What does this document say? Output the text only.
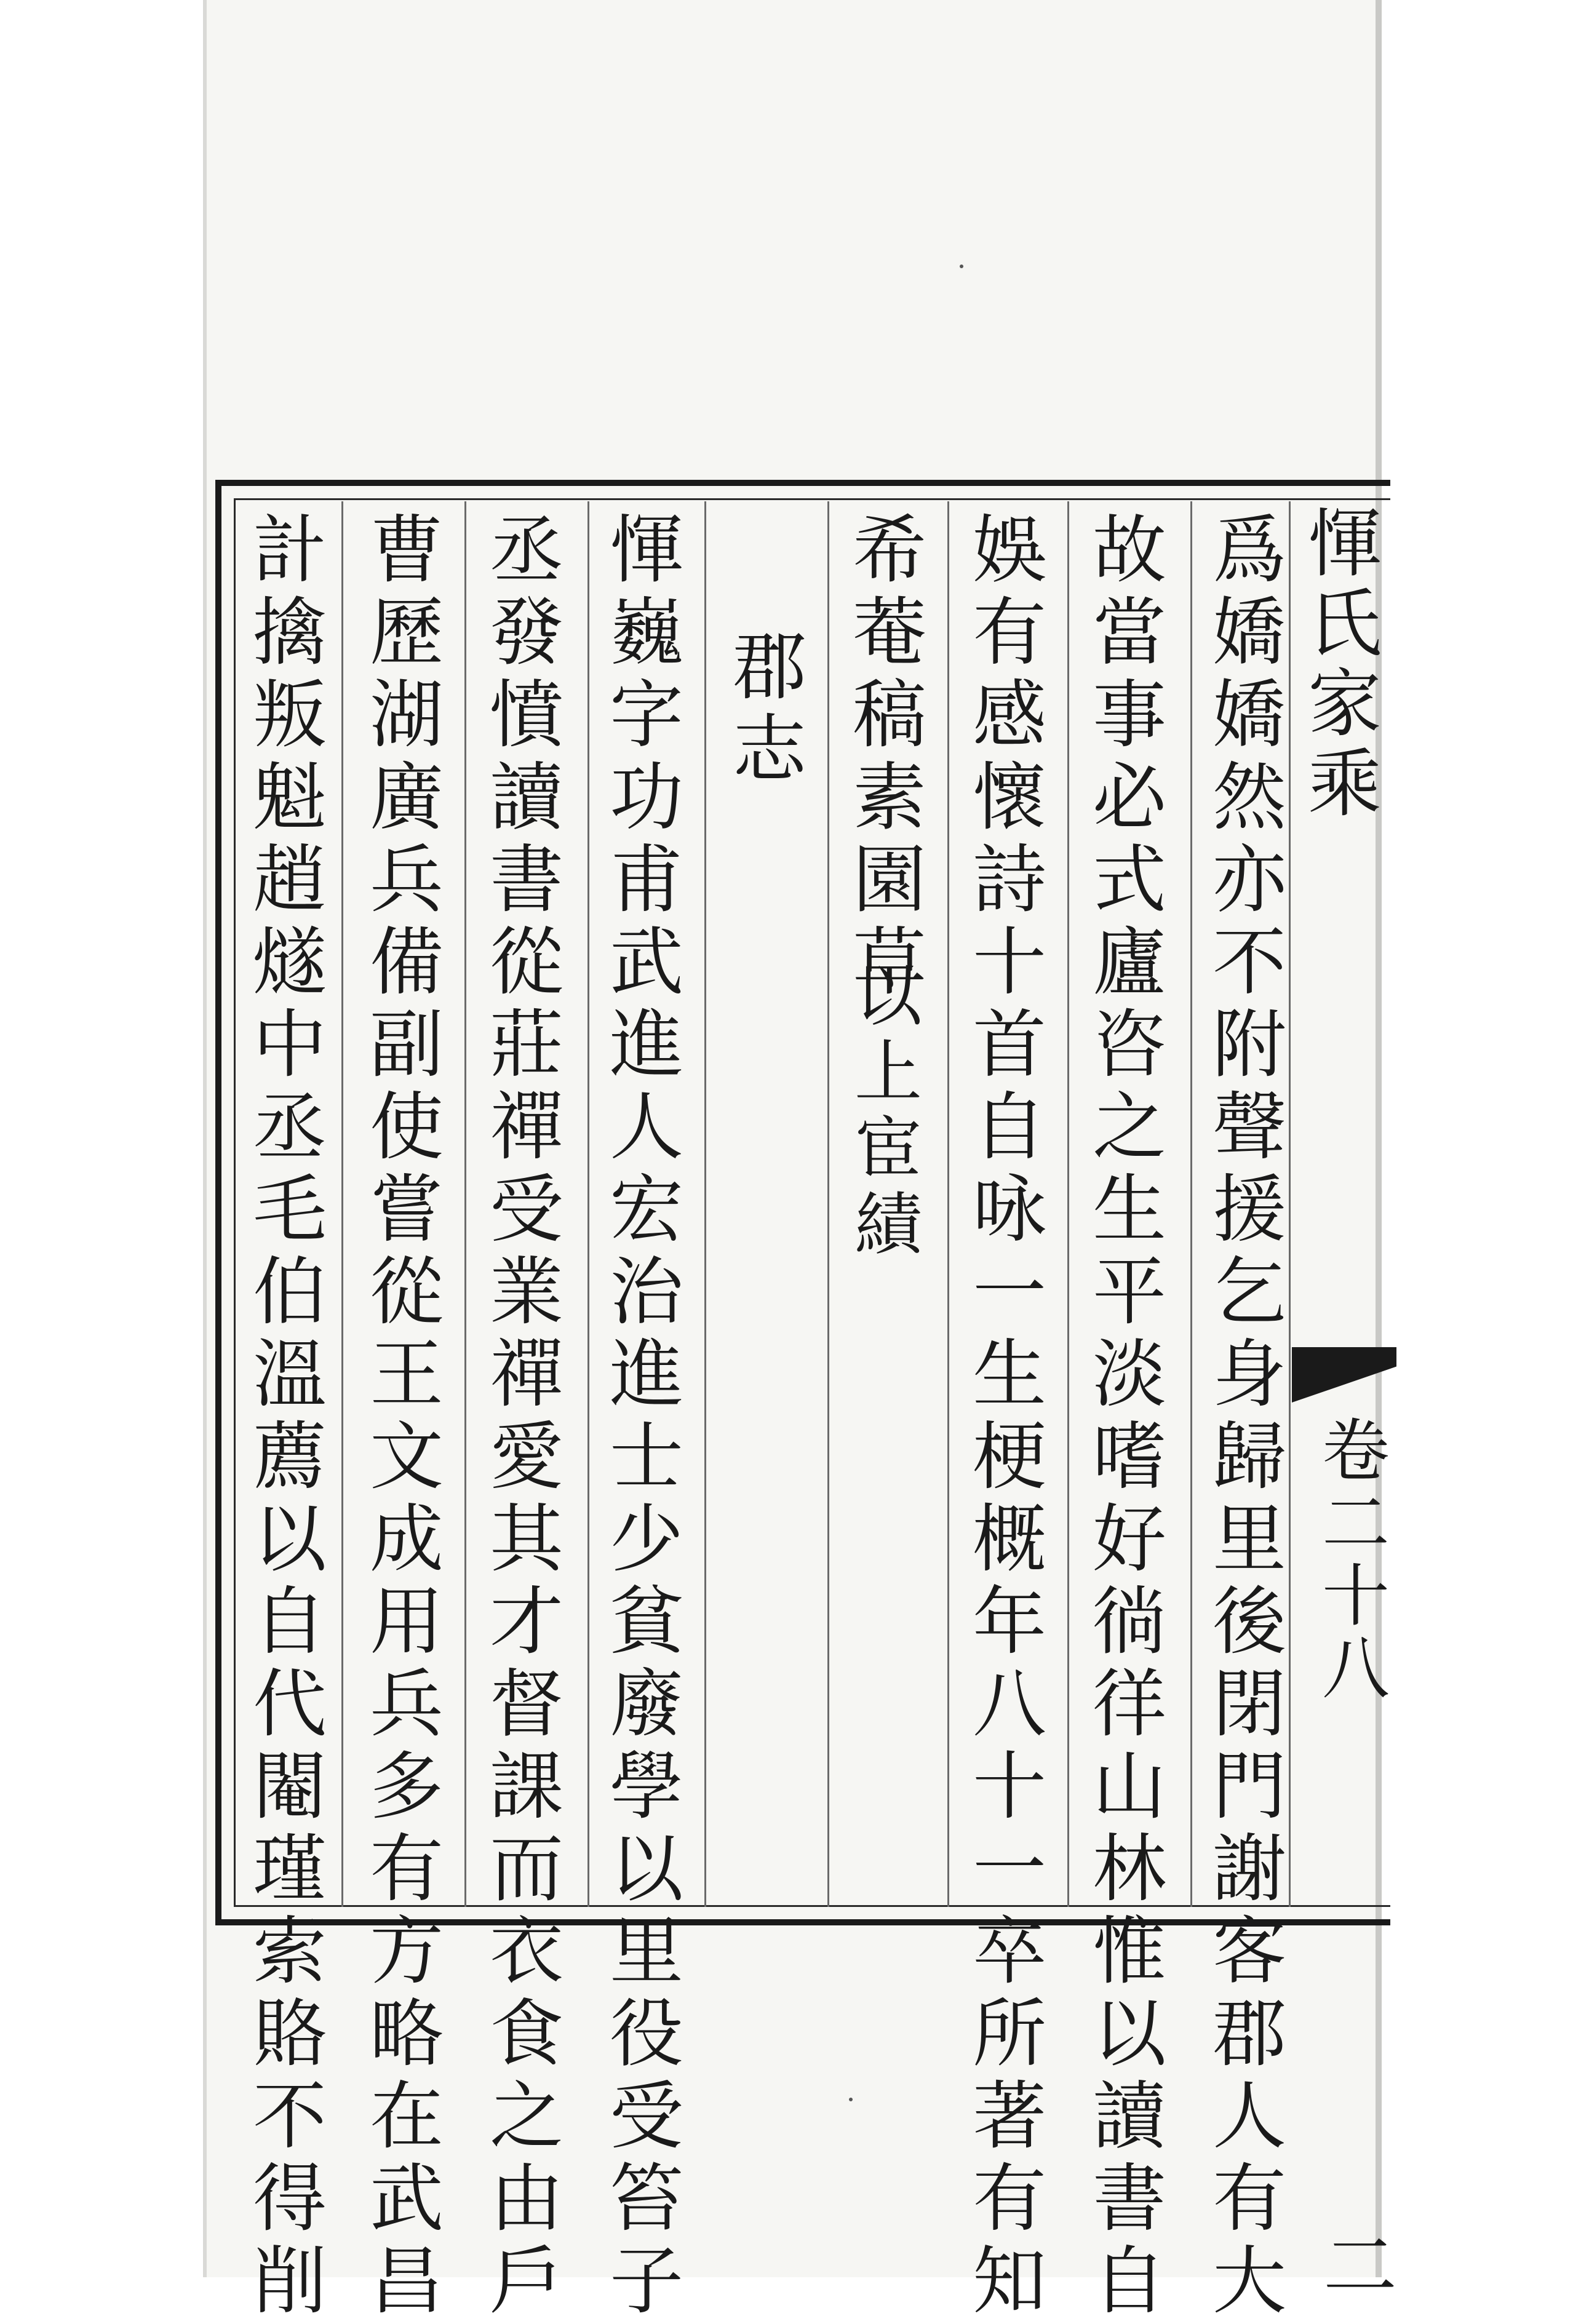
惲氏家乘
卷二十八
二
爲嬌嬌然亦不附聲援乞身歸里後閉門謝客郡人有大
故當事必式廬咨之生平淡嗜好徜徉山林惟以讀書自
娛有感懷詩十首自咏一生梗概年八十一卒所著有知
希菴稿素園草
以上宦績
郡志
惲巍字功甫武進人宏治進士少貧廢學以里役受笞子
丞發憤讀書從莊禪受業禪愛其才督課而衣食之由戶
曹歷湖廣兵備副使嘗從王文成用兵多有方略在武昌
計擒叛魁趙燧中丞毛伯溫薦以自代閹瑾索賂不得削
